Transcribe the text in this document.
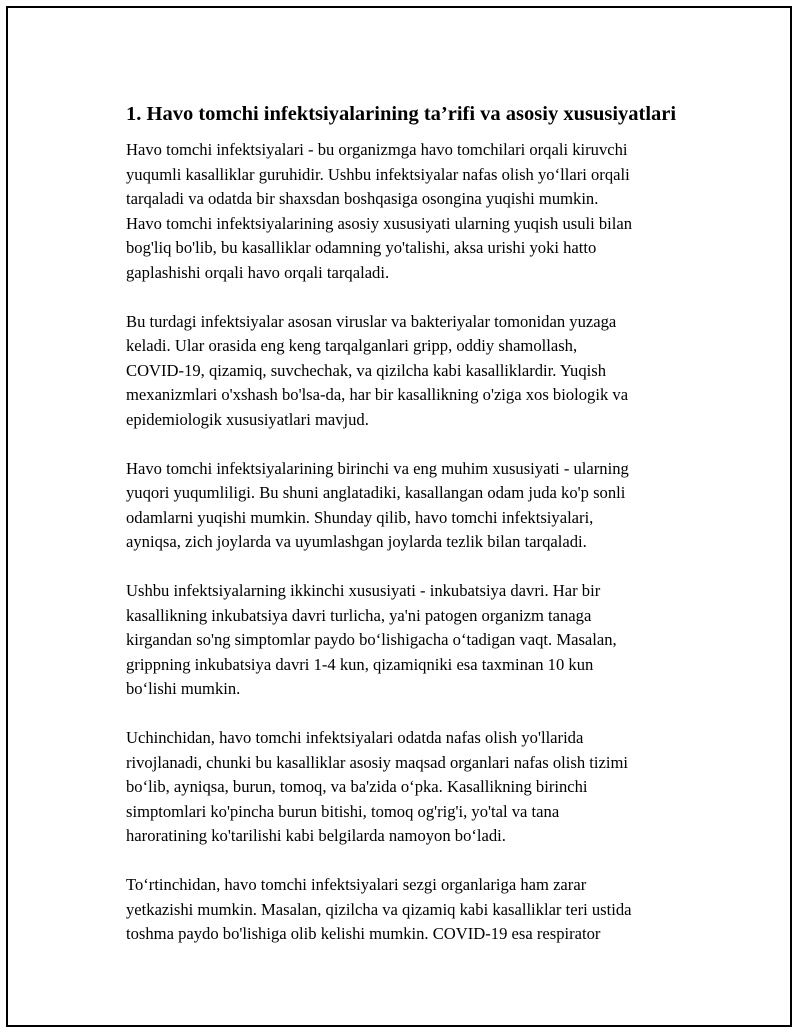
1. Havo tomchi infektsiyalarining ta’rifi va asosiy xususiyatlari
Havo tomchi infektsiyalari - bu organizmga havo tomchilari orqali kiruvchi
yuqumli kasalliklar guruhidir. Ushbu infektsiyalar nafas olish yo‘llari orqali
tarqaladi va odatda bir shaxsdan boshqasiga osongina yuqishi mumkin.
Havo tomchi infektsiyalarining asosiy xususiyati ularning yuqish usuli bilan
bog'liq bo'lib, bu kasalliklar odamning yo'talishi, aksa urishi yoki hatto
gaplashishi orqali havo orqali tarqaladi.
Bu turdagi infektsiyalar asosan viruslar va bakteriyalar tomonidan yuzaga
keladi. Ular orasida eng keng tarqalganlari gripp, oddiy shamollash,
COVID-19, qizamiq, suvchechak, va qizilcha kabi kasalliklardir. Yuqish
mexanizmlari o'xshash bo'lsa-da, har bir kasallikning o'ziga xos biologik va
epidemiologik xususiyatlari mavjud.
Havo tomchi infektsiyalarining birinchi va eng muhim xususiyati - ularning
yuqori yuqumliligi. Bu shuni anglatadiki, kasallangan odam juda ko'p sonli
odamlarni yuqishi mumkin. Shunday qilib, havo tomchi infektsiyalari,
ayniqsa, zich joylarda va uyumlashgan joylarda tezlik bilan tarqaladi.
Ushbu infektsiyalarning ikkinchi xususiyati - inkubatsiya davri. Har bir
kasallikning inkubatsiya davri turlicha, ya'ni patogen organizm tanaga
kirgandan so'ng simptomlar paydo bo‘lishigacha o‘tadigan vaqt. Masalan,
grippning inkubatsiya davri 1-4 kun, qizamiqniki esa taxminan 10 kun
bo‘lishi mumkin.
Uchinchidan, havo tomchi infektsiyalari odatda nafas olish yo'llarida
rivojlanadi, chunki bu kasalliklar asosiy maqsad organlari nafas olish tizimi
bo‘lib, ayniqsa, burun, tomoq, va ba'zida o‘pka. Kasallikning birinchi
simptomlari ko'pincha burun bitishi, tomoq og'rig'i, yo'tal va tana
haroratining ko'tarilishi kabi belgilarda namoyon bo‘ladi.
To‘rtinchidan, havo tomchi infektsiyalari sezgi organlariga ham zarar
yetkazishi mumkin. Masalan, qizilcha va qizamiq kabi kasalliklar teri ustida
toshma paydo bo'lishiga olib kelishi mumkin. COVID-19 esa respirator
